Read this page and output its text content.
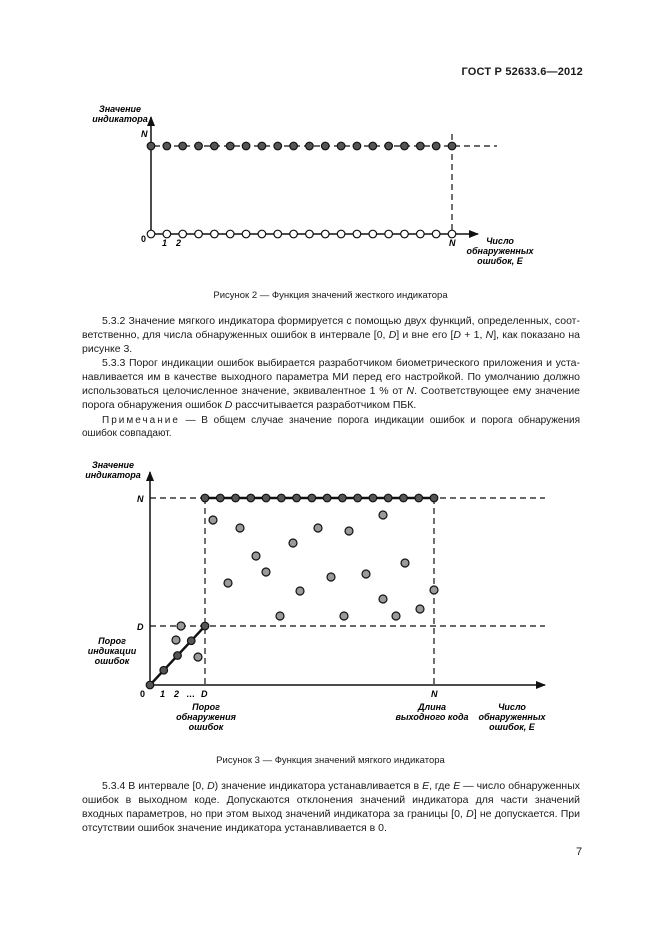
ГОСТ Р 52633.6—2012
Значение
индикатора
N
0 1 2	N	Число
обнаруженных
ошибок, E
Рисунок 2 — Функция значений жесткого индикатора

5.3.2 Значение мягкого индикатора формируется с помощью двух функций, определенных, соот-ветственно, для числа обнаруженных ошибок в интервале [0, D] и вне его [D + 1, N], как показано на рисунке 3.

5.3.3 Порог индикации ошибок выбирается разработчиком биометрического приложения и уста-навливается им в качестве выходного параметра МИ перед его настройкой. По умолчанию должно использоваться целочисленное значение, эквивалентное 1 % от N. Соответствующее ему значение порога обнаружения ошибок D рассчитывается разработчиком ПБК.

Примечание — В общем случае значение порога индикации ошибок и порога обнаружения ошибок совпадают.
Значение
индикатора
N
D
Порог
индикации
ошибок
0 1 2 … D	N
Порог
обнаружения
ошибок
Длина
выходного кода
Число
обнаруженных
ошибок, E
Рисунок 3 — Функция значений мягкого индикатора

5.3.4 В интервале [0, D) значение индикатора устанавливается в E, где E — число обнаруженных ошибок в выходном коде. Допускаются отклонения значений индикатора для части значений входных параметров, но при этом выход значений индикатора за границы [0, D] не допускается. При отсутствии ошибок значение индикатора устанавливается в 0.

7
